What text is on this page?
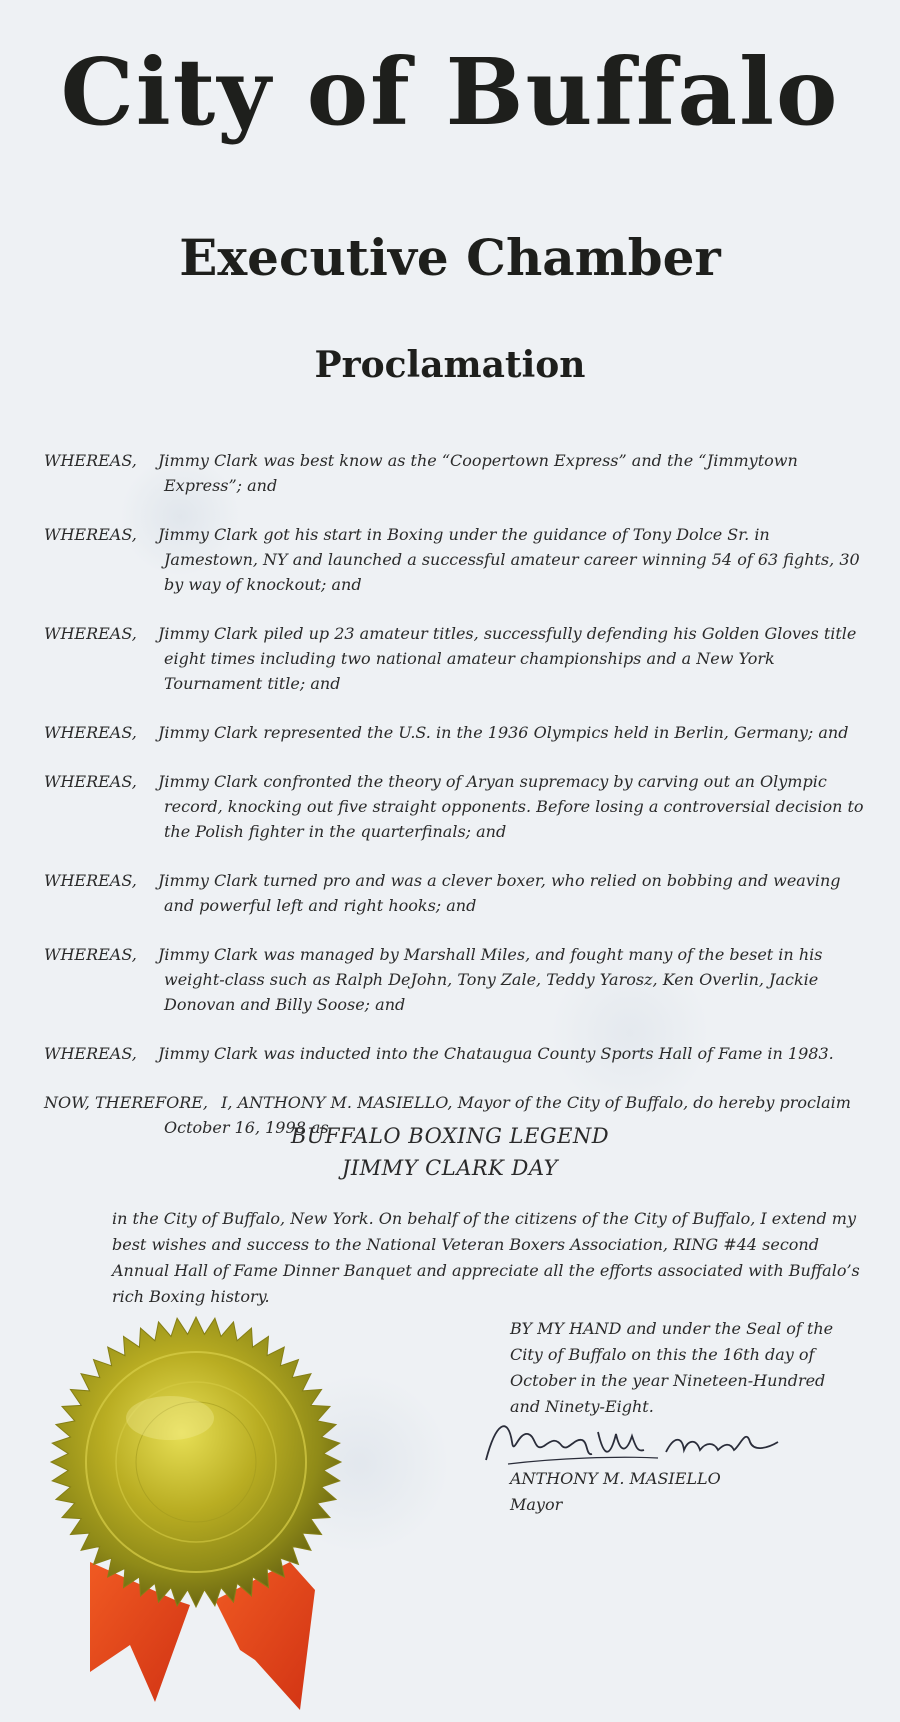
City of Buffalo
Executive Chamber
Proclamation

WHEREAS, Jimmy Clark was best know as the “Coopertown Express” and the “Jimmytown Express”; and

WHEREAS, Jimmy Clark got his start in Boxing under the guidance of Tony Dolce Sr. in Jamestown, NY and launched a successful amateur career winning 54 of 63 fights, 30 by way of knockout; and

WHEREAS, Jimmy Clark piled up 23 amateur titles, successfully defending his Golden Gloves title eight times including two national amateur championships and a New York Tournament title; and

WHEREAS, Jimmy Clark represented the U.S. in the 1936 Olympics held in Berlin, Germany; and

WHEREAS, Jimmy Clark confronted the theory of Aryan supremacy by carving out an Olympic record, knocking out five straight opponents. Before losing a controversial decision to the Polish fighter in the quarterfinals; and

WHEREAS, Jimmy Clark turned pro and was a clever boxer, who relied on bobbing and weaving and powerful left and right hooks; and

WHEREAS, Jimmy Clark was managed by Marshall Miles, and fought many of the beset in his weight-class such as Ralph DeJohn, Tony Zale, Teddy Yarosz, Ken Overlin, Jackie Donovan and Billy Soose; and

WHEREAS, Jimmy Clark was inducted into the Chataugua County Sports Hall of Fame in 1983.

NOW, THEREFORE, I, ANTHONY M. MASIELLO, Mayor of the City of Buffalo, do hereby proclaim October 16, 1998 as

BUFFALO BOXING LEGEND
JIMMY CLARK DAY
in the City of Buffalo, New York. On behalf of the citizens of the City of Buffalo, I extend my best wishes and success to the National Veteran Boxers Association, RING #44 second Annual Hall of Fame Dinner Banquet and appreciate all the efforts associated with Buffalo’s rich Boxing history.
BY MY HAND and under the Seal of the City of Buffalo on this the 16th day of October in the year Nineteen-Hundred and Ninety-Eight.
ANTHONY M. MASIELLO
Mayor
